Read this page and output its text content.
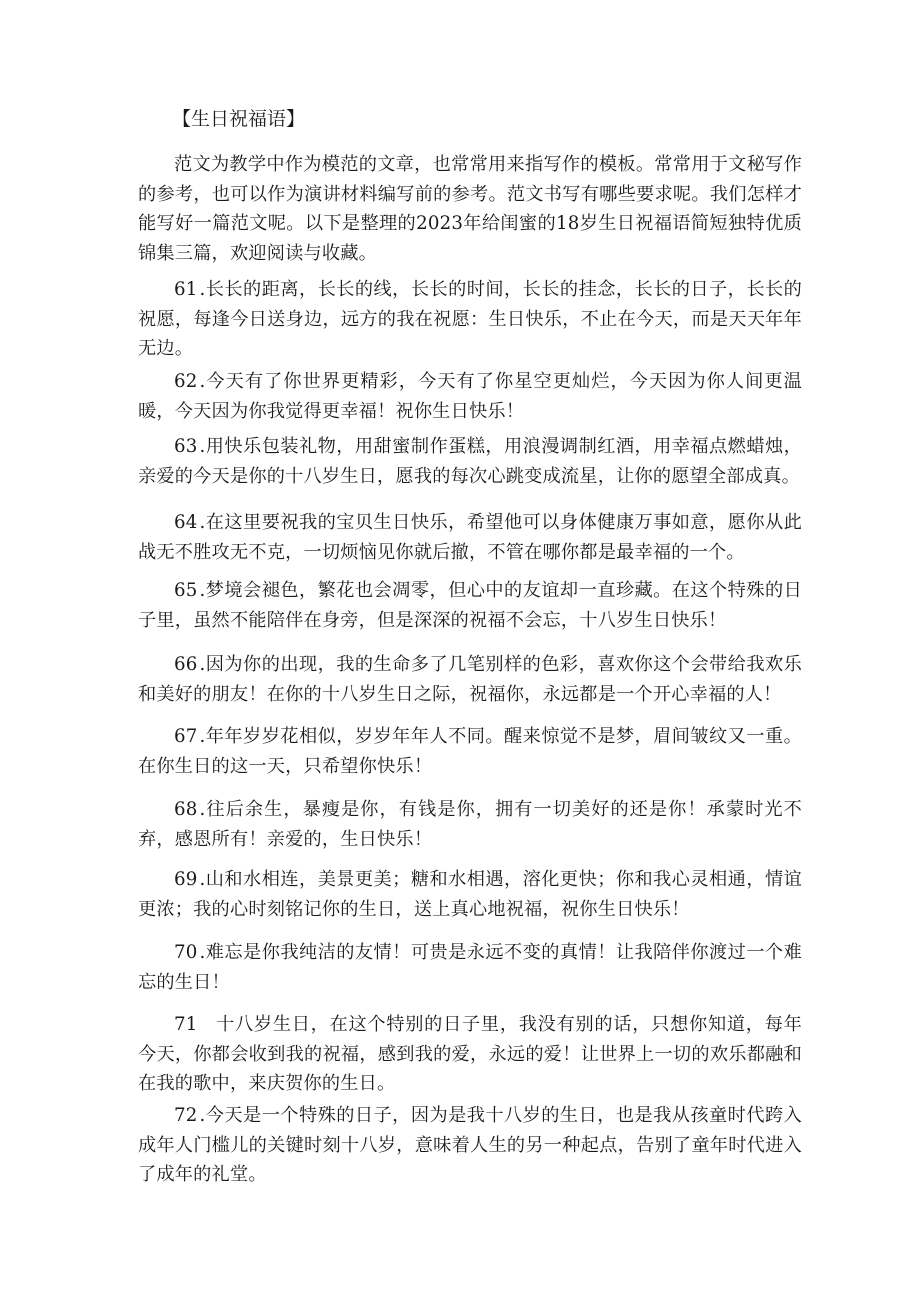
【生日祝福语】

范文为教学中作为模范的文章，也常常用来指写作的模板。常常用于文秘写作的参考，也可以作为演讲材料编写前的参考。范文书写有哪些要求呢。我们怎样才能写好一篇范文呢。以下是整理的2023年给闺蜜的18岁生日祝福语简短独特优质锦集三篇，欢迎阅读与收藏。

61 .长长的距离，长长的线，长长的时间，长长的挂念，长长的日子，长长的祝愿，每逢今日送身边，远方的我在祝愿：生日快乐，不止在今天，而是天天年年无边。

62 .今天有了你世界更精彩，今天有了你星空更灿烂，今天因为你人间更温暖，今天因为你我觉得更幸福！祝你生日快乐！

63 .用快乐包装礼物，用甜蜜制作蛋糕，用浪漫调制红酒，用幸福点燃蜡烛，亲爱的今天是你的十八岁生日，愿我的每次心跳变成流星，让你的愿望全部成真。

64 .在这里要祝我的宝贝生日快乐，希望他可以身体健康万事如意，愿你从此战无不胜攻无不克，一切烦恼见你就后撤，不管在哪你都是最幸福的一个。

65 .梦境会褪色，繁花也会凋零，但心中的友谊却一直珍藏。在这个特殊的日子里，虽然不能陪伴在身旁，但是深深的祝福不会忘，十八岁生日快乐！

66 .因为你的出现，我的生命多了几笔别样的色彩，喜欢你这个会带给我欢乐和美好的朋友！在你的十八岁生日之际，祝福你，永远都是一个开心幸福的人！

67 .年年岁岁花相似，岁岁年年人不同。醒来惊觉不是梦，眉间皱纹又一重。在你生日的这一天，只希望你快乐！

68 .往后余生，暴瘦是你，有钱是你，拥有一切美好的还是你！承蒙时光不弃，感恩所有！亲爱的，生日快乐！

69 .山和水相连，美景更美；糖和水相遇，溶化更快；你和我心灵相通，情谊更浓；我的心时刻铭记你的生日，送上真心地祝福，祝你生日快乐！

70 .难忘是你我纯洁的友情！可贵是永远不变的真情！让我陪伴你渡过一个难忘的生日！

71 十八岁生日，在这个特别的日子里，我没有别的话，只想你知道，每年今天，你都会收到我的祝福，感到我的爱，永远的爱！让世界上一切的欢乐都融和在我的歌中，来庆贺你的生日。

72 .今天是一个特殊的日子，因为是我十八岁的生日，也是我从孩童时代跨入成年人门槛儿的关键时刻十八岁，意味着人生的另一种起点，告别了童年时代进入了成年的礼堂。
